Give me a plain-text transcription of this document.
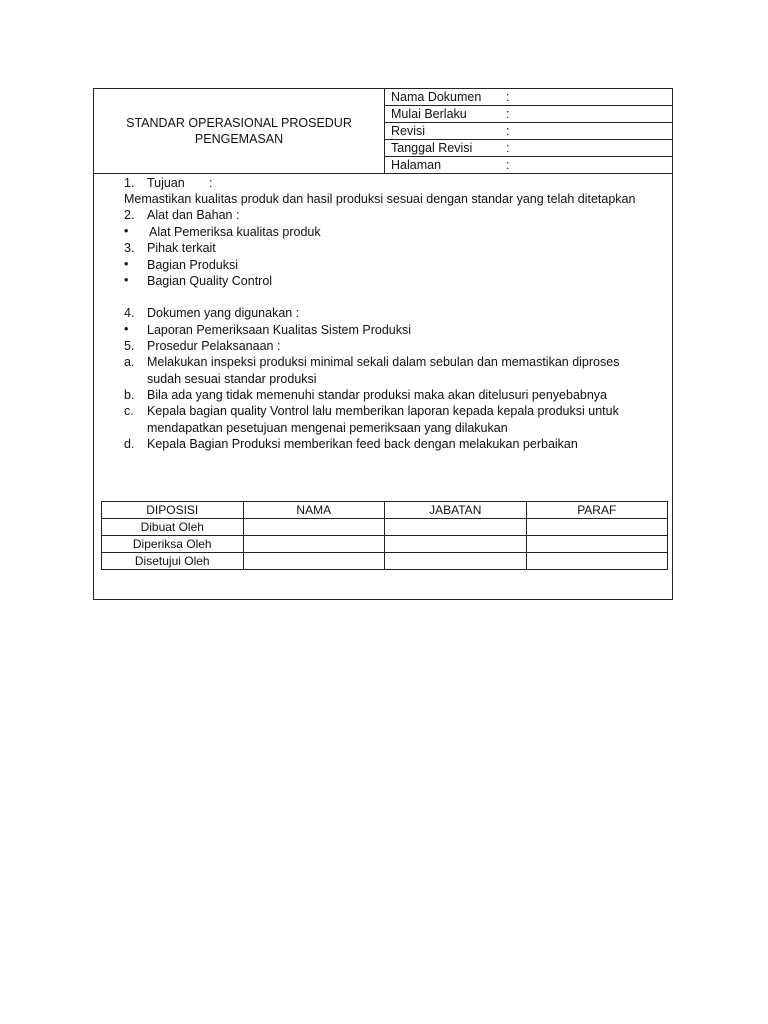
STANDAR OPERASIONAL PROSEDUR
PENGEMASAN
Nama Dokumen :
Mulai Berlaku	:
Revisi	:
Tanggal Revisi	:
Halaman	:
1. Tujuan :
Memastikan kualitas produk dan hasil produksi sesuai dengan standar yang telah ditetapkan
2. Alat dan Bahan :
• Alat Pemeriksa kualitas produk
3. Pihak terkait
• Bagian Produksi
• Bagian Quality Control
4. Dokumen yang digunakan :
• Laporan Pemeriksaan Kualitas Sistem Produksi
5. Prosedur Pelaksanaan :
a. Melakukan inspeksi produksi minimal sekali dalam sebulan dan memastikan diproses
sudah sesuai standar produksi
b. Bila ada yang tidak memenuhi standar produksi maka akan ditelusuri penyebabnya
c. Kepala bagian quality Vontrol lalu memberikan laporan kepada kepala produksi untuk
mendapatkan pesetujuan mengenai pemeriksaan yang dilakukan
d. Kepala Bagian Produksi memberikan feed back dengan melakukan perbaikan
DIPOSISI	NAMA	JABATAN	PARAF
Dibuat Oleh			
Diperiksa Oleh			
Disetujui Oleh			
